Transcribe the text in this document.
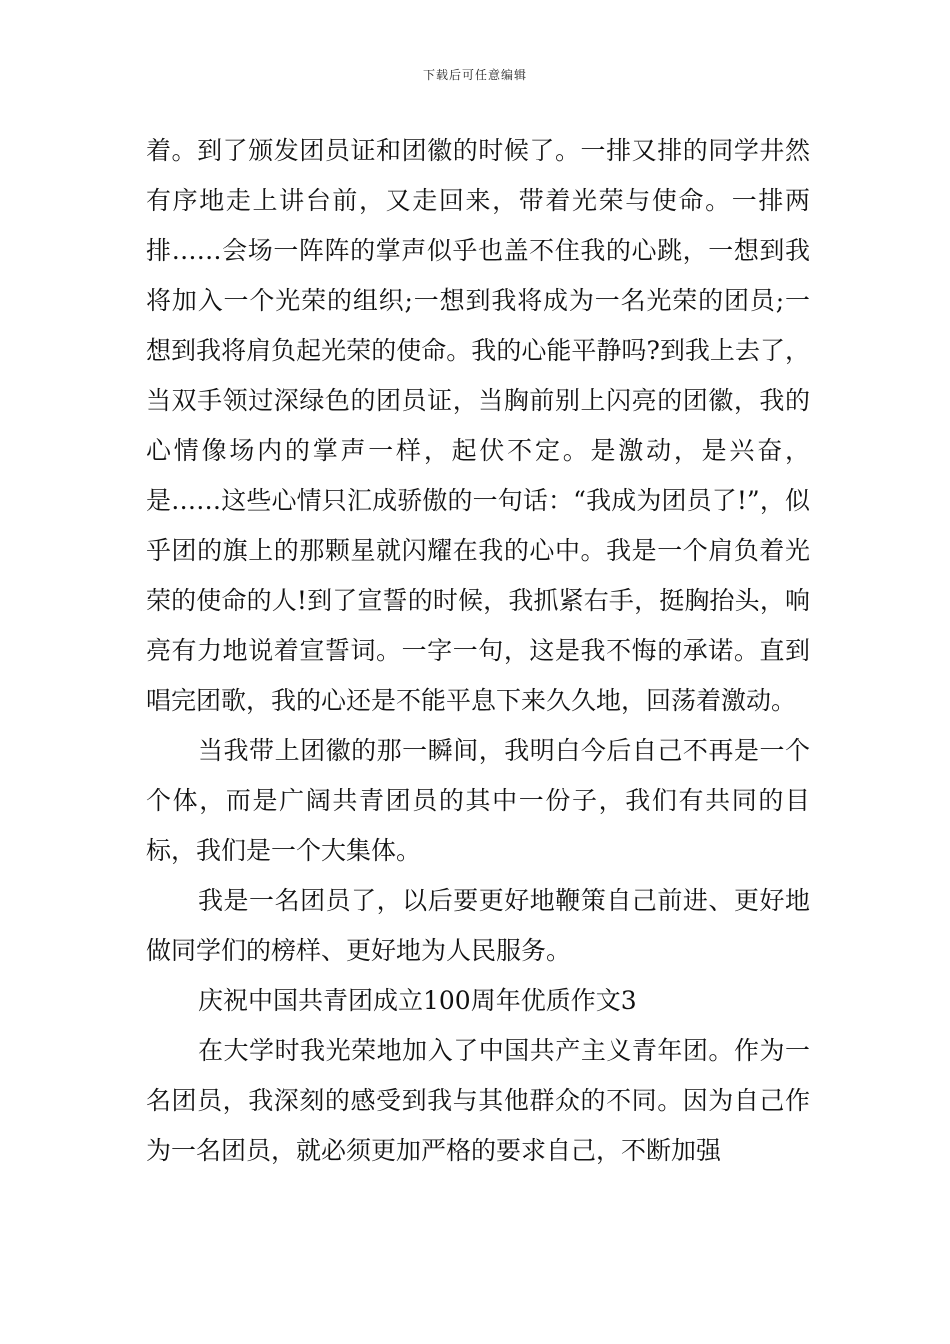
下载后可任意编辑

着。到了颁发团员证和团徽的时候了。一排又排的同学井然有序地走上讲台前，又走回来，带着光荣与使命。一排两排……会场一阵阵的掌声似乎也盖不住我的心跳，一想到我将加入一个光荣的组织;一想到我将成为一名光荣的团员;一想到我将肩负起光荣的使命。我的心能平静吗?到我上去了，当双手领过深绿色的团员证，当胸前别上闪亮的团徽，我的心情像场内的掌声一样，起伏不定。是激动，是兴奋，是……这些心情只汇成骄傲的一句话：“我成为团员了!”，似乎团的旗上的那颗星就闪耀在我的心中。我是一个肩负着光荣的使命的人!到了宣誓的时候，我抓紧右手，挺胸抬头，响亮有力地说着宣誓词。一字一句，这是我不悔的承诺。直到唱完团歌，我的心还是不能平息下来久久地，回荡着激动。

当我带上团徽的那一瞬间，我明白今后自己不再是一个个体，而是广阔共青团员的其中一份子，我们有共同的目标，我们是一个大集体。

我是一名团员了，以后要更好地鞭策自己前进、更好地做同学们的榜样、更好地为人民服务。

庆祝中国共青团成立100周年优质作文3

在大学时我光荣地加入了中国共产主义青年团。作为一名团员，我深刻的感受到我与其他群众的不同。因为自己作为一名团员，就必须更加严格的要求自己，不断加强
